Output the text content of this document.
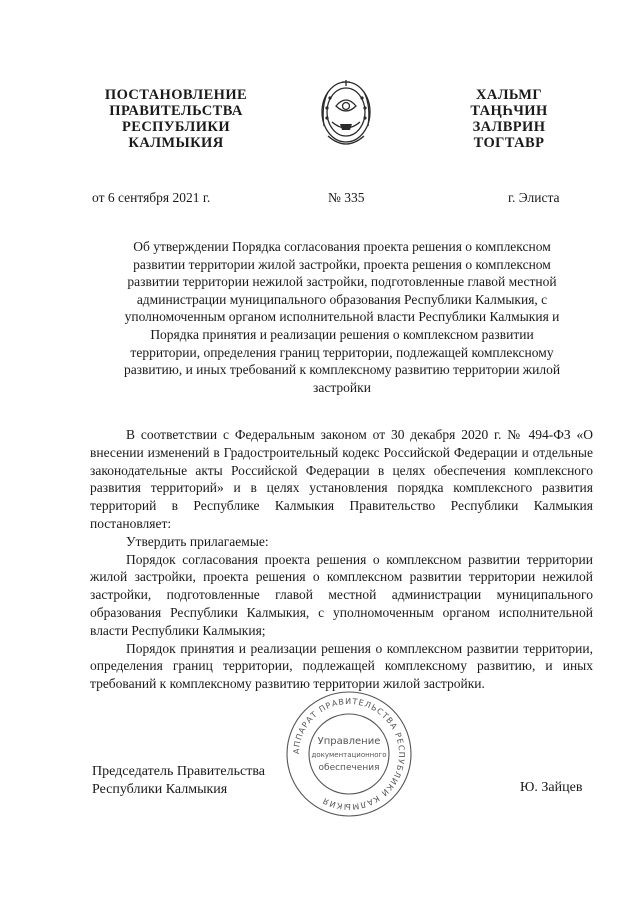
ПОСТАНОВЛЕНИЕ
ПРАВИТЕЛЬСТВА
РЕСПУБЛИКИ
КАЛМЫКИЯ
ХАЛЬМГ
ТАҢҺЧИН
ЗАЛВРИН
ТОГТАВР
от 6 сентября 2021 г.	№ 335	г. Элиста
Об утверждении Порядка согласования проекта решения о комплексном
развитии территории жилой застройки, проекта решения о комплексном
развитии территории нежилой застройки, подготовленные главой местной
администрации муниципального образования Республики Калмыкия, с
уполномоченным органом исполнительной власти Республики Калмыкия и
Порядка принятия и реализации решения о комплексном развитии
территории, определения границ территории, подлежащей комплексному
развитию, и иных требований к комплексному развитию территории жилой
застройки

В соответствии с Федеральным законом от 30 декабря 2020 г. № 494-ФЗ «О внесении изменений в Градостроительный кодекс Российской Федерации и отдельные законодательные акты Российской Федерации в целях обеспечения комплексного развития территорий» и в целях установления порядка комплексного развития территорий в Республике Калмыкия Правительство Республики Калмыкия постановляет:

Утвердить прилагаемые:

Порядок согласования проекта решения о комплексном развитии территории жилой застройки, проекта решения о комплексном развитии территории нежилой застройки, подготовленные главой местной администрации муниципального образования Республики Калмыкия, с уполномоченным органом исполнительной власти Республики Калмыкия;

Порядок принятия и реализации решения о комплексном развитии территории, определения границ территории, подлежащей комплексному развитию, и иных требований к комплексному развитию территории жилой застройки.

Председатель Правительства
Республики Калмыкия	Ю. Зайцев
АППАРАТ ПРАВИТЕЛЬСТВА РЕСПУБЛИКИ КАЛМЫКИЯ
Управление
документационного
обеспечения
